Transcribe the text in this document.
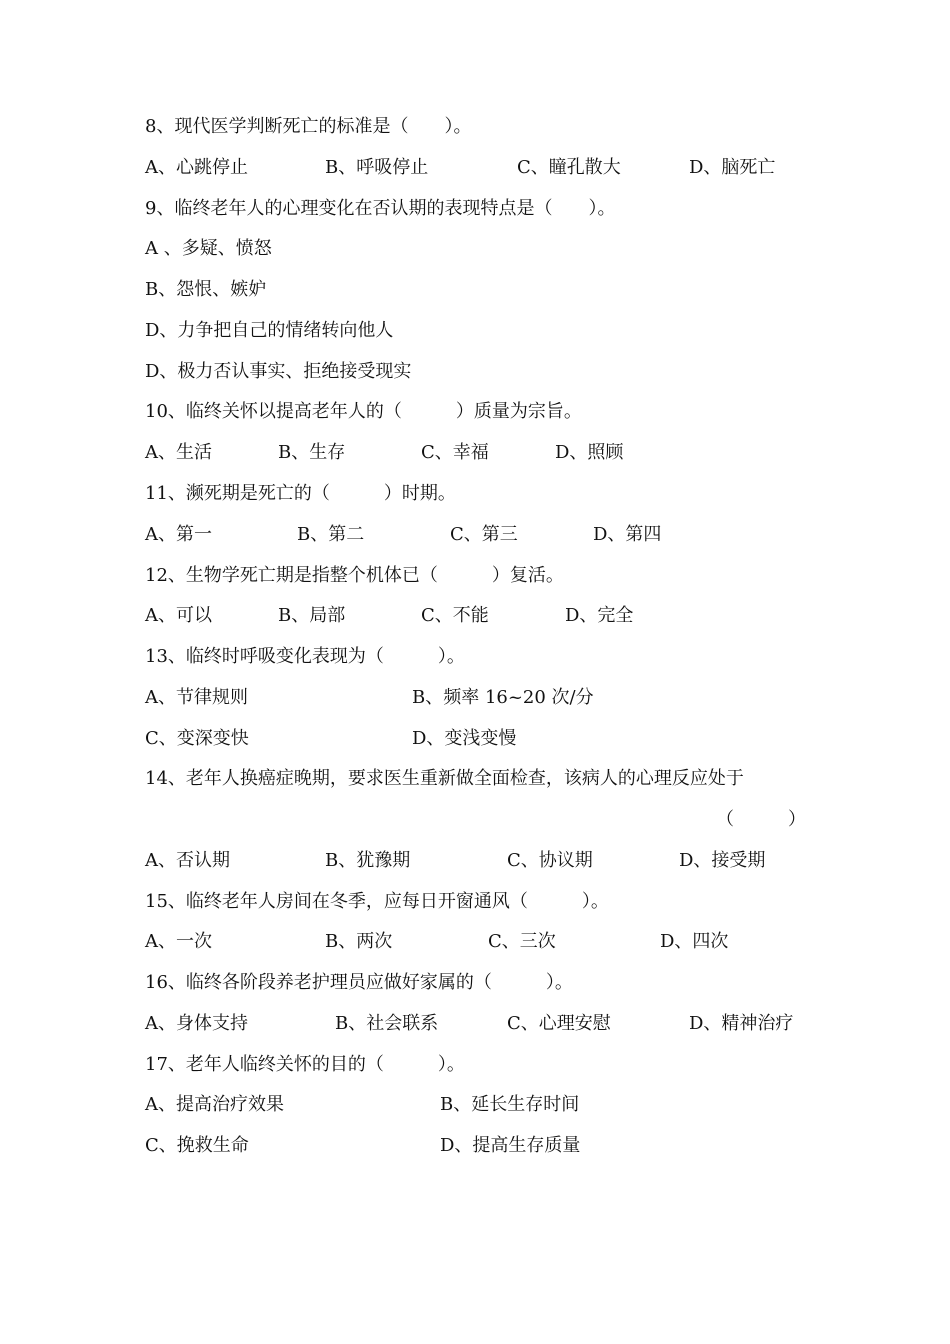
8、现代医学判断死亡的标准是（　　）。
A、心跳停止	B、呼吸停止	C、瞳孔散大	D、脑死亡
9、临终老年人的心理变化在否认期的表现特点是（　　）。
A 、多疑、愤怒
B、怨恨、嫉妒
D、力争把自己的情绪转向他人
D、极力否认事实、拒绝接受现实
10、临终关怀以提高老年人的（　　　）质量为宗旨。
A、生活	B、生存	C、幸福	D、照顾
11、濒死期是死亡的（　　　）时期。
A、第一	B、第二	C、第三	D、第四
12、生物学死亡期是指整个机体已（　　　）复活。
A、可以	B、局部	C、不能	D、完全
13、临终时呼吸变化表现为（　　　）。
A、节律规则	B、频率 16~20 次/分
C、变深变快	D、变浅变慢
14、老年人换癌症晚期，要求医生重新做全面检查，该病人的心理反应处于
（　　　）
A、否认期	B、犹豫期	C、协议期	D、接受期
15、临终老年人房间在冬季，应每日开窗通风（　　　）。
A、一次	B、两次	C、三次	D、四次
16、临终各阶段养老护理员应做好家属的（　　　）。
A、身体支持	B、社会联系	C、心理安慰	D、精神治疗
17、老年人临终关怀的目的（　　　）。
A、提高治疗效果	B、延长生存时间
C、挽救生命	D、提高生存质量
